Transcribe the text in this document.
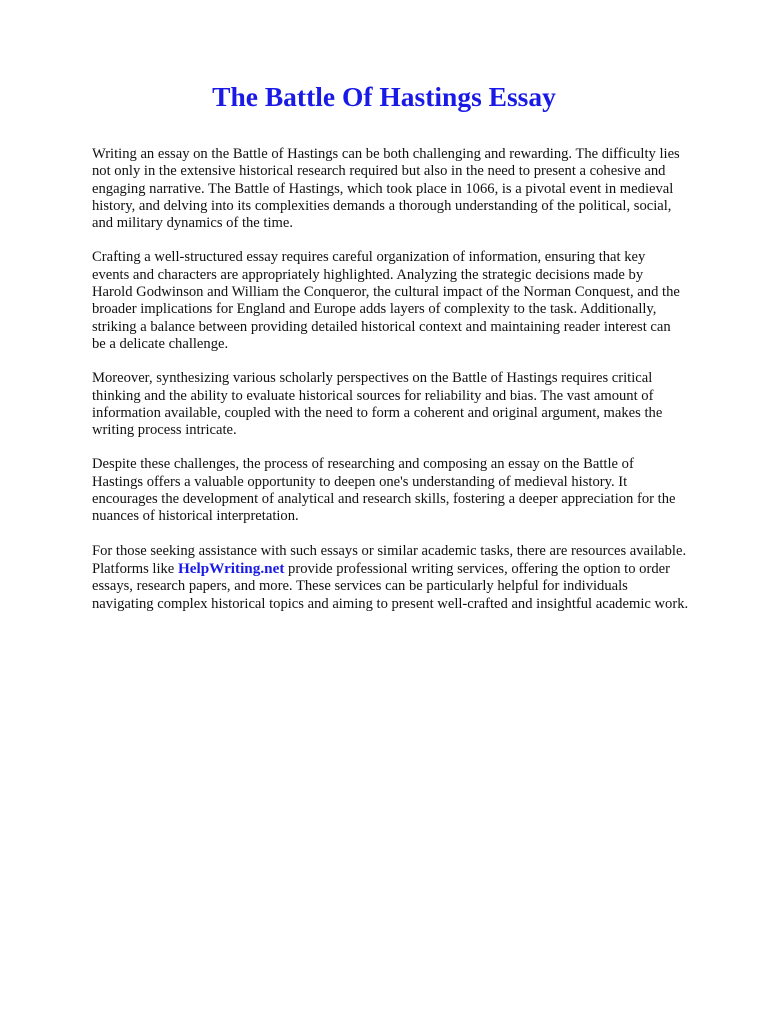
The Battle Of Hastings Essay

Writing an essay on the Battle of Hastings can be both challenging and rewarding. The difficulty lies
not only in the extensive historical research required but also in the need to present a cohesive and
engaging narrative. The Battle of Hastings, which took place in 1066, is a pivotal event in medieval
history, and delving into its complexities demands a thorough understanding of the political, social,
and military dynamics of the time.

Crafting a well-structured essay requires careful organization of information, ensuring that key
events and characters are appropriately highlighted. Analyzing the strategic decisions made by
Harold Godwinson and William the Conqueror, the cultural impact of the Norman Conquest, and the
broader implications for England and Europe adds layers of complexity to the task. Additionally,
striking a balance between providing detailed historical context and maintaining reader interest can
be a delicate challenge.

Moreover, synthesizing various scholarly perspectives on the Battle of Hastings requires critical
thinking and the ability to evaluate historical sources for reliability and bias. The vast amount of
information available, coupled with the need to form a coherent and original argument, makes the
writing process intricate.

Despite these challenges, the process of researching and composing an essay on the Battle of
Hastings offers a valuable opportunity to deepen one's understanding of medieval history. It
encourages the development of analytical and research skills, fostering a deeper appreciation for the
nuances of historical interpretation.

For those seeking assistance with such essays or similar academic tasks, there are resources available.
Platforms like HelpWriting.net provide professional writing services, offering the option to order
essays, research papers, and more. These services can be particularly helpful for individuals
navigating complex historical topics and aiming to present well-crafted and insightful academic work.
